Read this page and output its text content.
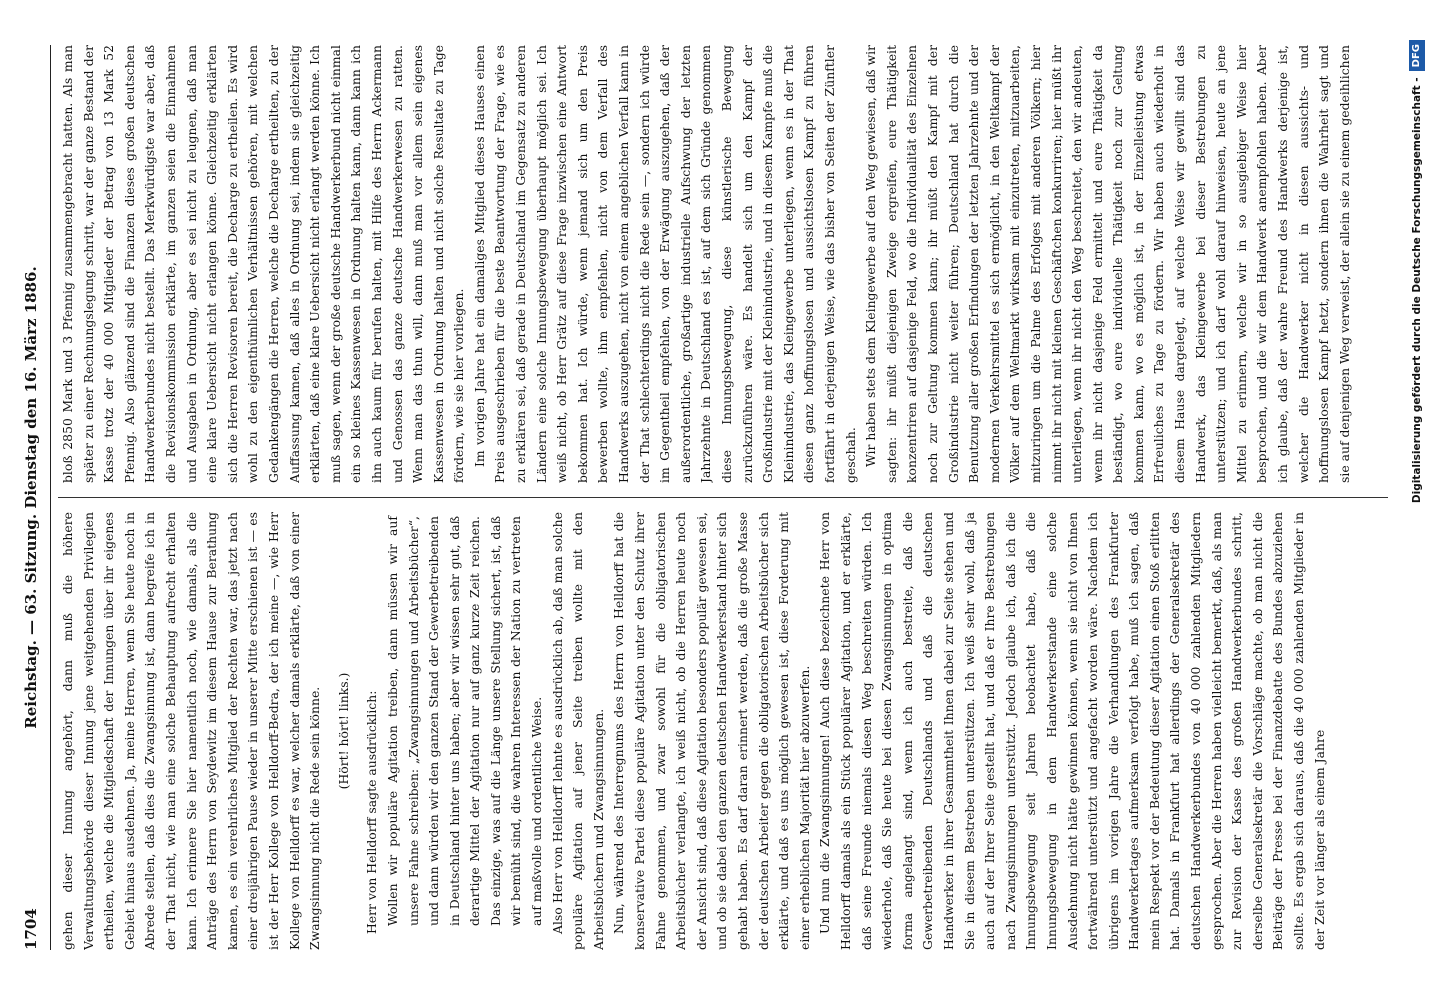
1704
Reichstag. — 63. Sitzung. Dienstag den 16. März 1886.

gehen dieser Innung angehört, dann muß die höhere Verwaltungsbehörde dieser Innung jene weitgehenden Privilegien ertheilen, welche die Mitgliedschaft der Innungen über ihr eigenes Gebiet hinaus ausdehnen. Ja, meine Herren, wenn Sie heute noch in Abrede stellen, daß dies die Zwangsinnung ist, dann begreife ich in der That nicht, wie man eine solche Behauptung aufrecht erhalten kann. Ich erinnere Sie hier namentlich noch, wie damals, als die Anträge des Herrn von Seydewitz im diesem Hause zur Berathung kamen, es ein verehrliches Mitglied der Rechten war, das jetzt nach einer dreijährigen Pause wieder in unserer Mitte erschienen ist — es ist der Herr Kollege von Helldorff-Bedra, der ich meine —, wie Herr Kollege von Helldorff es war, welcher damals erklärte, daß von einer Zwangsinnung nicht die Rede sein könne. (Hört! hört! links.) Herr von Helldorff sagte ausdrücklich: Wollen wir populäre Agitation treiben, dann müssen wir auf unsere Fahne schreiben: „Zwangsinnungen und Arbeitsbücher“, und dann würden wir den ganzen Stand der Gewerbetreibenden in Deutschland hinter uns haben; aber wir wissen sehr gut, daß derartige Mittel der Agitation nur auf ganz kurze Zeit reichen. Das einzige, was auf die Länge unsere Stellung sichert, ist, daß wir bemüht sind, die wahren Interessen der Nation zu vertreten auf maßvolle und ordentliche Weise. Also Herr von Helldorff lehnte es ausdrücklich ab, daß man solche populäre Agitation auf jener Seite treiben wollte mit den Arbeitsbüchern und Zwangsinnungen. Nun, während des Interregnums des Herrn von Helldorff hat die konservative Partei diese populäre Agitation unter den Schutz ihrer Fahne genommen, und zwar sowohl für die obligatorischen Arbeitsbücher verlangte, ich weiß nicht, ob die Herren heute noch der Ansicht sind, daß diese Agitation besonders populär gewesen sei, und ob sie dabei den ganzen deutschen Handwerkerstand hinter sich gehabt haben. Es darf daran erinnert werden, daß die große Masse der deutschen Arbeiter gegen die obligatorischen Arbeitsbücher sich erklärte, und daß es uns möglich gewesen ist, diese Forderung mit einer erheblichen Majorität hier abzuwerfen. Und nun die Zwangsinnungen! Auch diese bezeichnete Herr von Helldorff damals als ein Stück populärer Agitation, und er erklärte, daß seine Freunde niemals diesen Weg beschreiten würden. Ich wiederhole, daß Sie heute bei diesen Zwangsinnungen in optima forma angelangt sind, wenn ich auch bestreite, daß die Gewerbetreibenden Deutschlands und daß die deutschen Handwerker in ihrer Gesammtheit Ihnen dabei zur Seite stehen und Sie in diesem Bestreben unterstützen. Ich weiß sehr wohl, daß ja auch auf der Ihrer Seite gestellt hat, und daß er Ihre Bestrebungen nach Zwangsinnungen unterstützt. Jedoch glaube ich, daß ich die Innungsbewegung seit Jahren beobachtet habe, daß die Innungsbewegung in dem Handwerkerstande eine solche Ausdehnung nicht hätte gewinnen können, wenn sie nicht von Ihnen fortwährend unterstützt und angefacht worden wäre. Nachdem ich übrigens im vorigen Jahre die Verhandlungen des Frankfurter Handwerkertages aufmerksam verfolgt habe, muß ich sagen, daß mein Respekt vor der Bedeutung dieser Agitation einen Stoß erlitten hat. Damals in Frankfurt hat allerdings der Generalsekretär des deutschen Handwerkerbundes von 40 000 zahlenden Mitgliedern gesprochen. Aber die Herren haben vielleicht bemerkt, daß, als man zur Revision der Kasse des großen Handwerkerbundes schritt, derselbe Generalsekretär die Vorschläge machte, ob man nicht die Beiträge der Presse bei der Finanzdebatte des Bundes abzuziehen sollte. Es ergab sich daraus, daß die 40 000 zahlenden Mitglieder in der Zeit vor länger als einem Jahre

bloß 2850 Mark und 3 Pfennig zusammengebracht hatten. Als man später zu einer Rechnungslegung schritt, war der ganze Bestand der Kasse trotz der 40 000 Mitglieder der Betrag von 13 Mark 52 Pfennig. Also glänzend sind die Finanzen dieses großen deutschen Handwerkerbundes nicht bestellt. Das Merkwürdigste war aber, daß die Revisionskommission erklärte, im ganzen seien die Einnahmen und Ausgaben in Ordnung, aber es sei nicht zu leugnen, daß man eine klare Uebersicht nicht erlangen könne. Gleichzeitig erklärten sich die Herren Revisoren bereit, die Decharge zu ertheilen. Es wird wohl zu den eigenthümlichen Verhältnissen gehören, mit welchen Gedankengängen die Herren, welche die Decharge ertheilten, zu der Auffassung kamen, daß alles in Ordnung sei, indem sie gleichzeitig erklärten, daß eine klare Uebersicht nicht erlangt werden könne. Ich muß sagen, wenn der große deutsche Handwerkerbund nicht einmal ein so kleines Kassenwesen in Ordnung halten kann, dann kann ich ihn auch kaum für berufen halten, mit Hilfe des Herrn Ackermann und Genossen das ganze deutsche Handwerkerwesen zu ratten. Wenn man das thun will, dann muß man vor allem sein eigenes Kassenwesen in Ordnung halten und nicht solche Resultate zu Tage fördern, wie sie hier vorliegen. Im vorigen Jahre hat ein damaliges Mitglied dieses Hauses einen Preis ausgeschrieben für die beste Beantwortung der Frage, wie es zu erklären sei, daß gerade in Deutschland im Gegensatz zu anderen Ländern eine solche Innungsbewegung überhaupt möglich sei. Ich weiß nicht, ob Herr Grätz auf diese Frage inzwischen eine Antwort bekommen hat. Ich würde, wenn jemand sich um den Preis bewerben wollte, ihm empfehlen, nicht von dem Verfall des Handwerks auszugehen, nicht von einem angeblichen Verfall kann in der That schlechterdings nicht die Rede sein —, sondern ich würde im Gegentheil empfehlen, von der Erwägung auszugehen, daß der außerordentliche, großartige industrielle Aufschwung der letzten Jahrzehnte in Deutschland es ist, auf dem sich Gründe genommen diese Innungsbewegung, diese künstlerische Bewegung zurückzuführen wäre. Es handelt sich um den Kampf der Großindustrie mit der Kleinindustrie, und in diesem Kampfe muß die Kleinindustrie, das Kleingewerbe unterliegen, wenn es in der That diesen ganz hoffnungslosen und aussichtslosen Kampf zu führen fortfährt in derjenigen Weise, wie das bisher von Seiten der Zünftler geschah. Wir haben stets dem Kleingewerbe auf den Weg gewiesen, daß wir sagten: ihr müßt diejenigen Zweige ergreifen, eure Thätigkeit konzentriren auf dasjenige Feld, wo die Individualität des Einzelnen noch zur Geltung kommen kann; ihr müßt den Kampf mit der Großindustrie nicht weiter führen; Deutschland hat durch die Benutzung aller großen Erfindungen der letzten Jahrzehnte und der modernen Verkehrsmittel es sich ermöglicht, in den Weltkampf der Völker auf dem Weltmarkt wirksam mit einzutreten, mitzuarbeiten, mitzuringen um die Palme des Erfolges mit anderen Völkern; hier nimmt ihr nicht mit kleinen Geschäftchen konkurriren; hier müßt ihr unterliegen, wenn ihr nicht den Weg beschreitet, den wir andeuten, wenn ihr nicht dasjenige Feld ermittelt und eure Thätigkeit da beständigt, wo eure individuelle Thätigkeit noch zur Geltung kommen kann, wo es möglich ist, in der Einzelleistung etwas Erfreuliches zu Tage zu fördern. Wir haben auch wiederholt in diesem Hause dargelegt, auf welche Weise wir gewillt sind das Handwerk, das Kleingewerbe bei dieser Bestrebungen zu unterstützen; und ich darf wohl darauf hinweisen, heute an jene Mittel zu erinnern, welche wir in so ausgiebiger Weise hier besprochen, und die wir dem Handwerk anempfohlen haben. Aber ich glaube, daß der wahre Freund des Handwerks derjenige ist, welcher die Handwerker nicht in diesen aussichts- und hoffnungslosen Kampf hetzt, sondern ihnen die Wahrheit sagt und sie auf denjenigen Weg verweist, der allein sie zu einem gedeihlichen	Digitalisierung gefördert durch die Deutsche Forschungsgemeinschaft -DFG
